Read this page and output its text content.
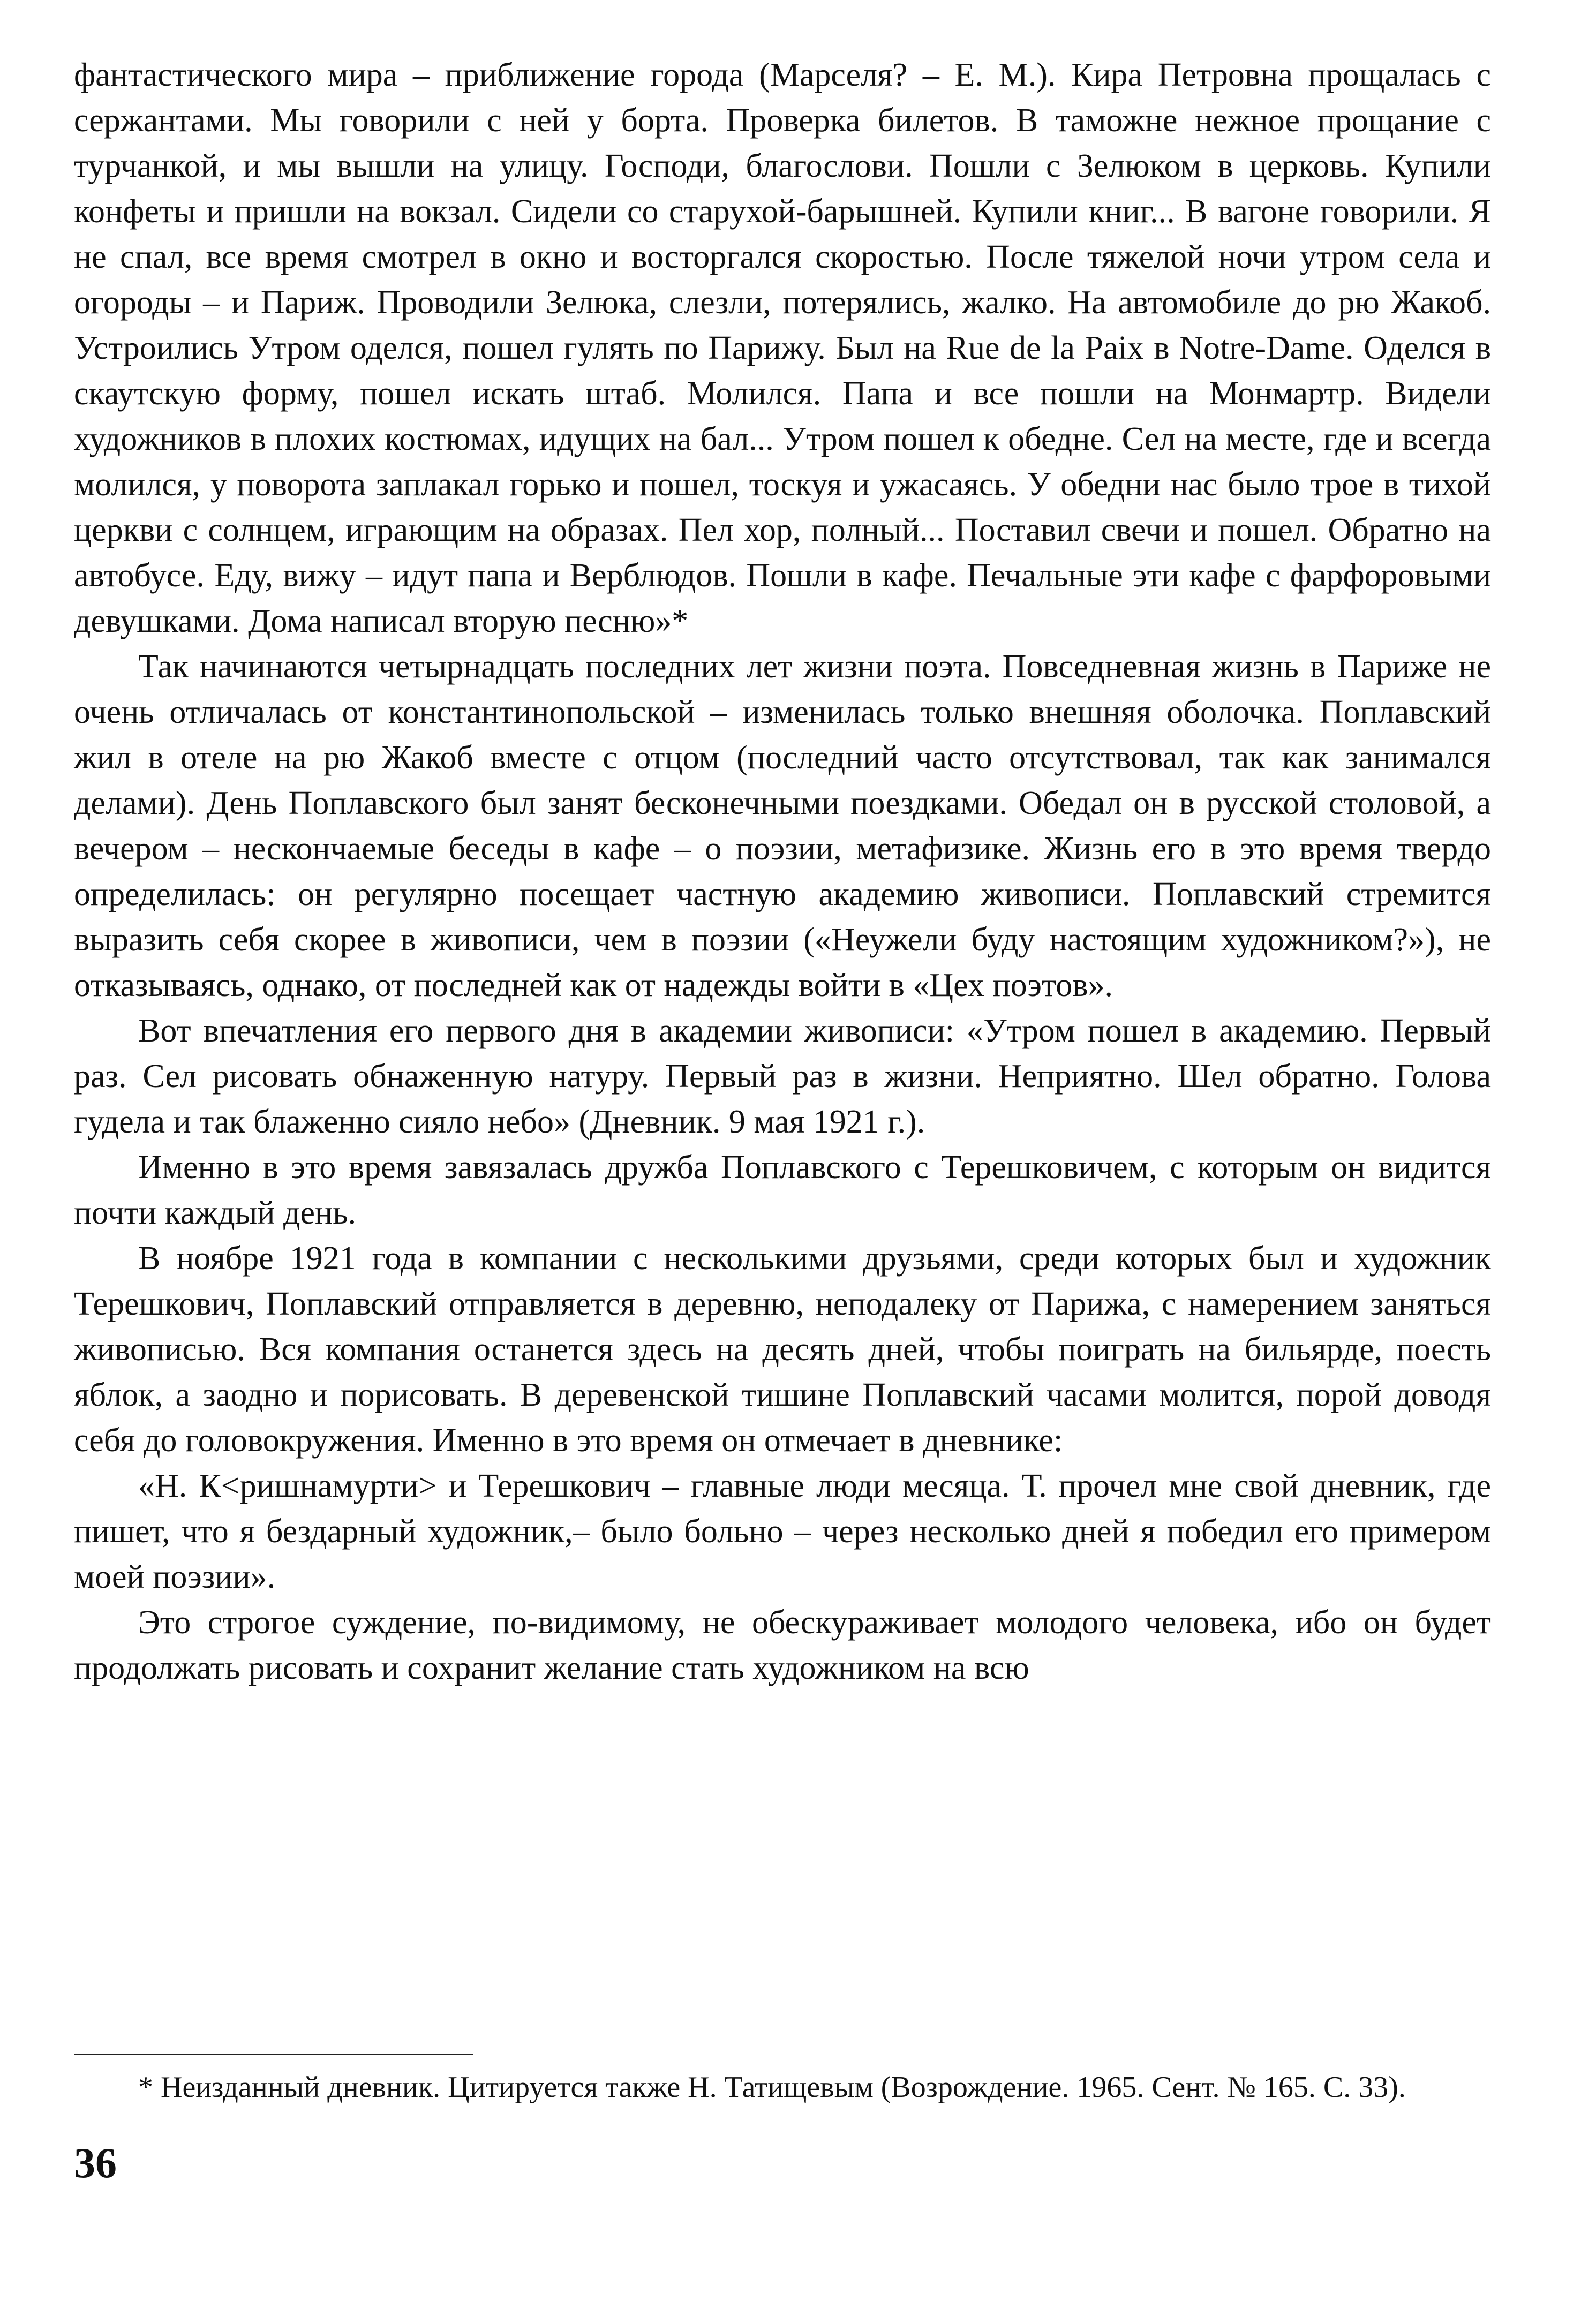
фантастического мира – приближение города (Марселя? – Е. М.). Кира Петровна прощалась с сержантами. Мы говорили с ней у борта. Проверка билетов. В таможне нежное прощание с турчанкой, и мы вышли на улицу. Господи, благослови. Пошли с Зелюком в церковь. Купили конфеты и пришли на вокзал. Сидели со старухой-барышней. Купили книг... В вагоне говорили. Я не спал, все время смотрел в окно и восторгался скоростью. После тяжелой ночи утром села и огороды – и Париж. Проводили Зелюка, слезли, потерялись, жалко. На автомобиле до рю Жакоб. Устроились Утром оделся, пошел гулять по Парижу. Был на Rue de la Paix в Notre-Dame. Оделся в скаутскую форму, пошел искать штаб. Молился. Папа и все пошли на Монмартр. Видели художников в плохих костюмах, идущих на бал... Утром пошел к обедне. Сел на месте, где и всегда молился, у поворота заплакал горько и пошел, тоскуя и ужасаясь. У обедни нас было трое в тихой церкви с солнцем, играющим на образах. Пел хор, полный... Поставил свечи и пошел. Обратно на автобусе. Еду, вижу – идут папа и Верблюдов. Пошли в кафе. Печальные эти кафе с фарфоровыми девушками. Дома написал вторую песню»*

Так начинаются четырнадцать последних лет жизни поэта. Повседневная жизнь в Париже не очень отличалась от константинопольской – изменилась только внешняя оболочка. Поплавский жил в отеле на рю Жакоб вместе с отцом (последний часто отсутствовал, так как занимался делами). День Поплавского был занят бесконечными поездками. Обедал он в русской столовой, а вечером – нескончаемые беседы в кафе – о поэзии, метафизике. Жизнь его в это время твердо определилась: он регулярно посещает частную академию живописи. Поплавский стремится выразить себя скорее в живописи, чем в поэзии («Неужели буду настоящим художником?»), не отказываясь, однако, от последней как от надежды войти в «Цех поэтов».

Вот впечатления его первого дня в академии живописи: «Утром пошел в академию. Первый раз. Сел рисовать обнаженную натуру. Первый раз в жизни. Неприятно. Шел обратно. Голова гудела и так блаженно сияло небо» (Дневник. 9 мая 1921 г.).

Именно в это время завязалась дружба Поплавского с Терешковичем, с которым он видится почти каждый день.

В ноябре 1921 года в компании с несколькими друзьями, среди которых был и художник Терешкович, Поплавский отправляется в деревню, неподалеку от Парижа, с намерением заняться живописью. Вся компания останется здесь на десять дней, чтобы поиграть на бильярде, поесть яблок, а заодно и порисовать. В деревенской тишине Поплавский часами молится, порой доводя себя до головокружения. Именно в это время он отмечает в дневнике:

«Н. К<ришнамурти> и Терешкович – главные люди месяца. Т. прочел мне свой дневник, где пишет, что я бездарный художник,– было больно – через несколько дней я победил его примером моей поэзии».

Это строгое суждение, по-видимому, не обескураживает молодого человека, ибо он будет продолжать рисовать и сохранит желание стать художником на всю

* Неизданный дневник. Цитируется также Н. Татищевым (Возрождение. 1965. Сент. № 165. С. 33).
36
